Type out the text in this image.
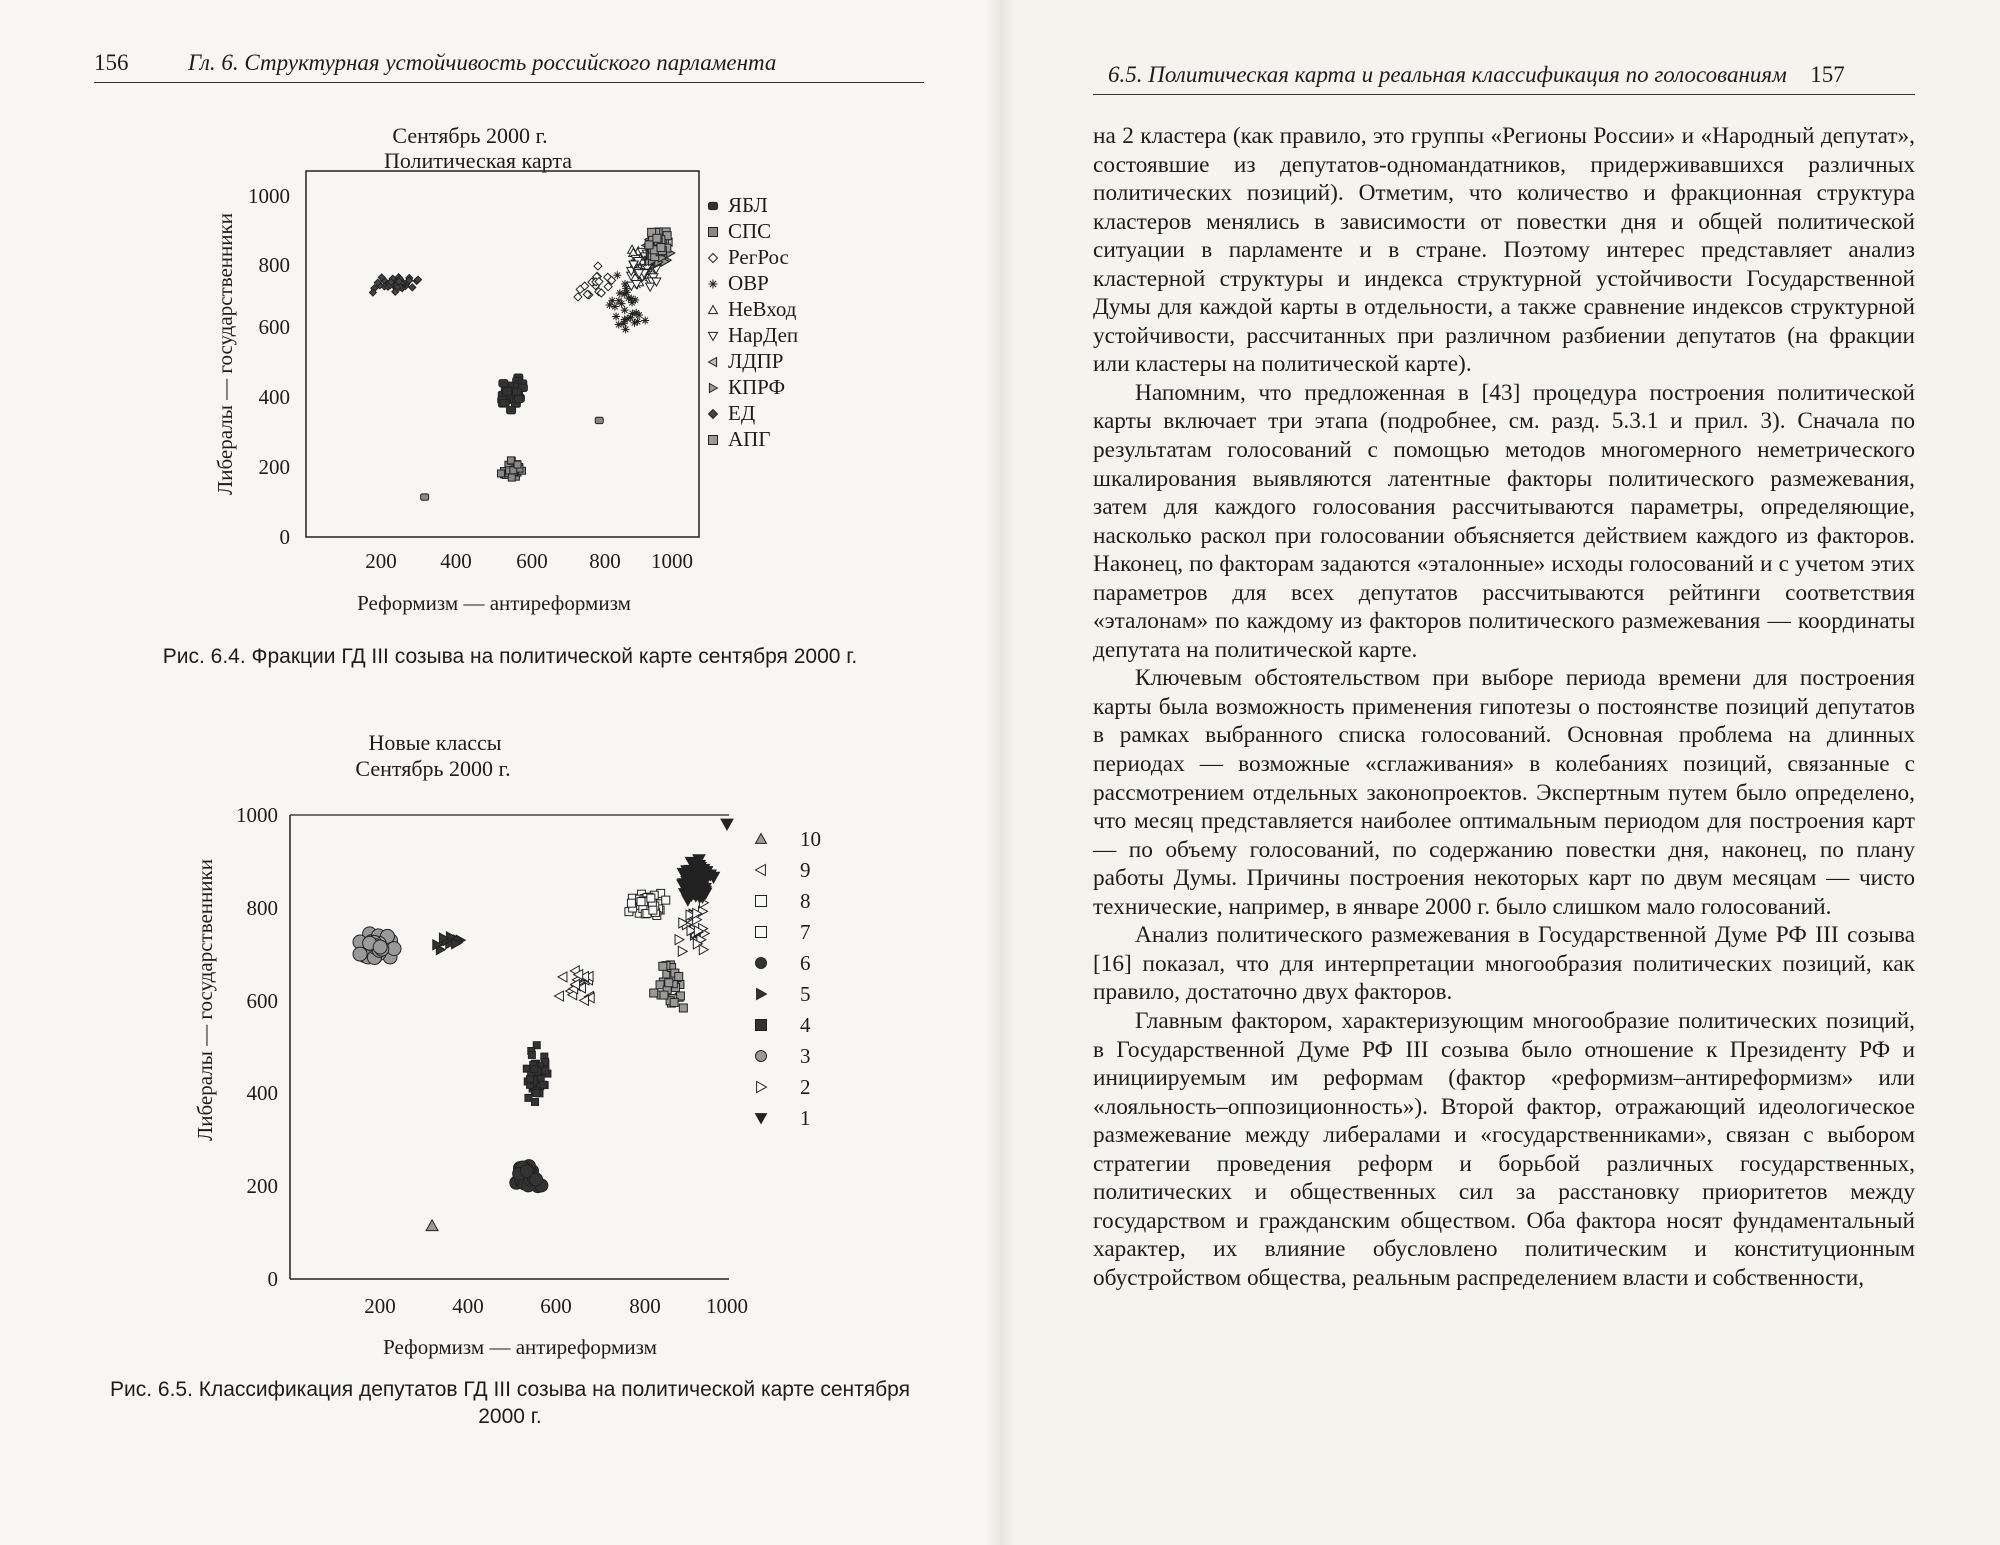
156	Гл. 6. Структурная устойчивость российского парламента	6.5. Политическая карта и реальная классификация по голосованиям 157
Сентябрь 2000 г.
Политическая карта
0
200
400
600
800
1000
200 400 600 800 1000
Реформизм — антиреформизм
Либералы — государственники
ЯБЛ
СПС
РегРос
ОВР
НеВход
НарДеп
ЛДПР
КПРФ
ЕД
АПГ
Рис. 6.4. Фракции ГД III созыва на политической карте сентября 2000 г.
Новые классы
Сентябрь 2000 г.
0
200
400
600
800
1000
200	400	600	800 1000
Реформизм — антиреформизм
Либералы — государственники
10
9
8
7
6
5
4
3
2
1
Рис. 6.5. Классификация депутатов ГД III созыва на политической карте сентября 2000 г.

на 2 кластера (как правило, это группы «Регионы России» и «Народный депутат», состоявшие из депутатов-одномандатников, придерживавшихся различных политических позиций). Отметим, что количество и фракционная структура кластеров менялись в зависимости от повестки дня и общей политической ситуации в парламенте и в стране. Поэтому интерес представляет анализ кластерной структуры и индекса структурной устойчивости Государственной Думы для каждой карты в отдельности, а также сравнение индексов структурной устойчивости, рассчитанных при различном разбиении депутатов (на фракции или кластеры на политической карте).

Напомним, что предложенная в [43] процедура построения политической карты включает три этапа (подробнее, см. разд. 5.3.1 и прил. 3). Сначала по результатам голосований с помощью методов многомерного неметрического шкалирования выявляются латентные факторы политического размежевания, затем для каждого голосования рассчитываются параметры, определяющие, насколько раскол при голосовании объясняется действием каждого из факторов. Наконец, по факторам задаются «эталонные» исходы голосований и с учетом этих параметров для всех депутатов рассчитываются рейтинги соответствия «эталонам» по каждому из факторов политического размежевания — координаты депутата на политической карте.

Ключевым обстоятельством при выборе периода времени для построения карты была возможность применения гипотезы о постоянстве позиций депутатов в рамках выбранного списка голосований. Основная проблема на длинных периодах — возможные «сглаживания» в колебаниях позиций, связанные с рассмотрением отдельных законопроектов. Экспертным путем было определено, что месяц представляется наиболее оптимальным периодом для построения карт — по объему голосований, по содержанию повестки дня, наконец, по плану работы Думы. Причины построения некоторых карт по двум месяцам — чисто технические, например, в январе 2000 г. было слишком мало голосований.

Анализ политического размежевания в Государственной Думе РФ III созыва [16] показал, что для интерпретации многообразия политических позиций, как правило, достаточно двух факторов.

Главным фактором, характеризующим многообразие политических позиций, в Государственной Думе РФ III созыва было отношение к Президенту РФ и инициируемым им реформам (фактор «реформизм–антиреформизм» или «лояльность–оппозиционность»). Второй фактор, отражающий идеологическое размежевание между либералами и «государственниками», связан с выбором стратегии проведения реформ и борьбой различных государственных, политических и общественных сил за расстановку приоритетов между государством и гражданским обществом. Оба фактора носят фундаментальный характер, их влияние обусловлено политическим и конституционным обустройством общества, реальным распределением власти и собственности,
